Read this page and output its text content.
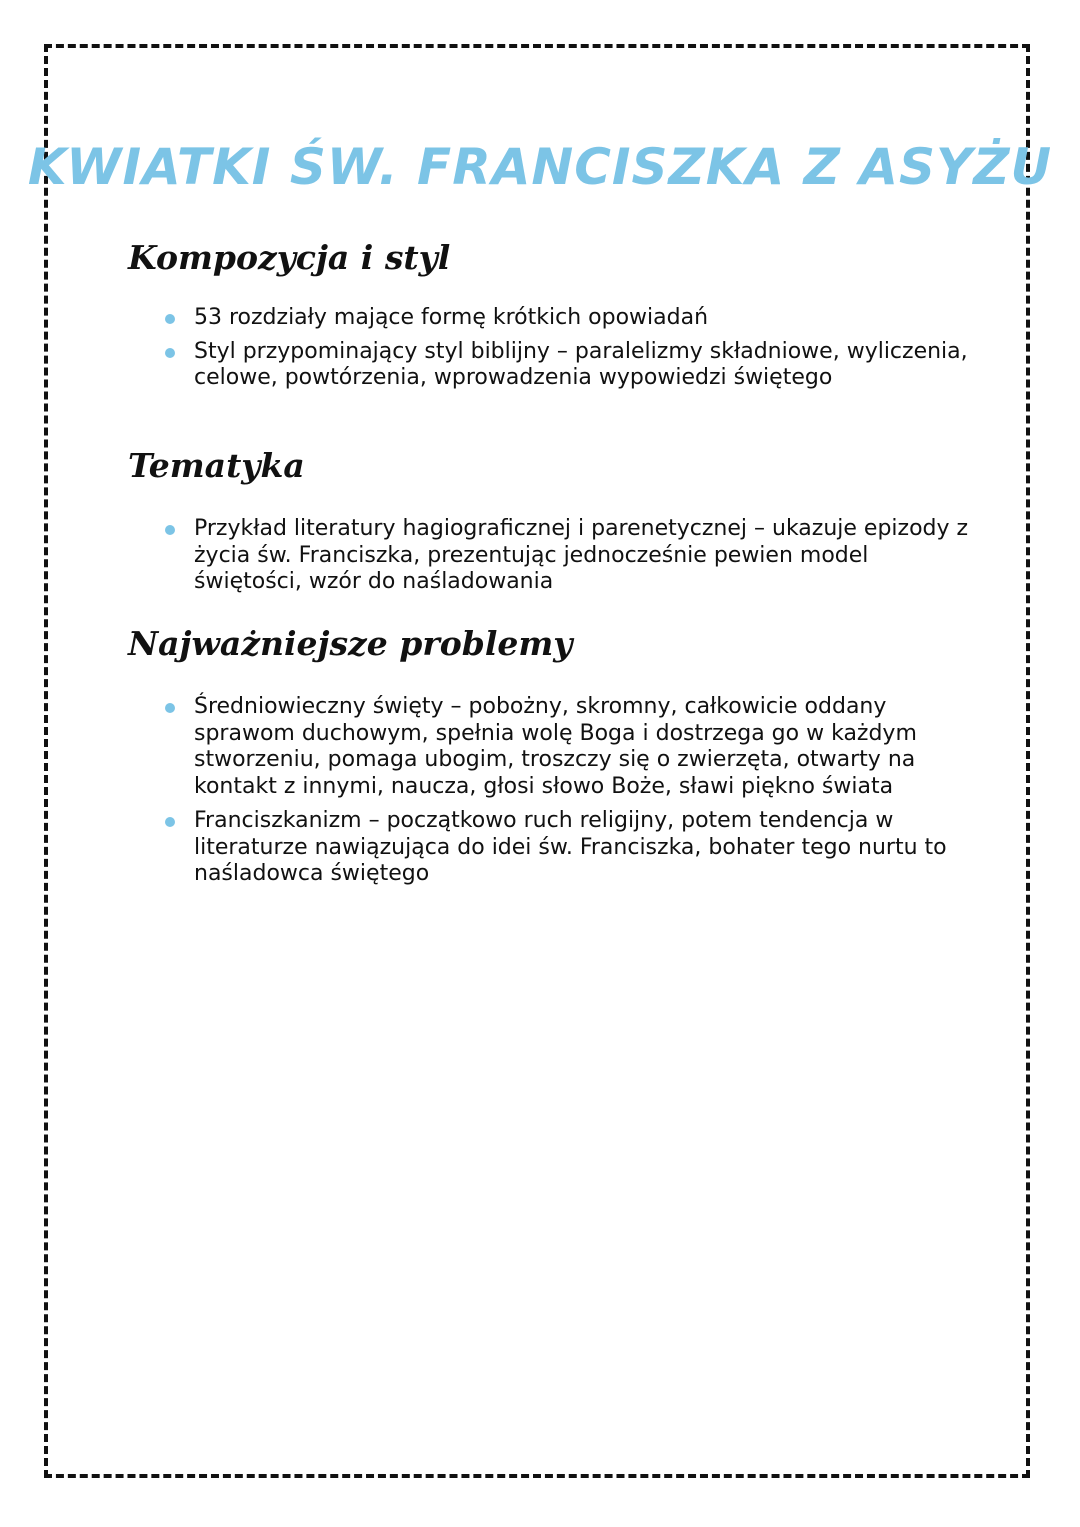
KWIATKI ŚW. FRANCISZKA Z ASYŻU
Kompozycja i styl
53 rozdziały mające formę krótkich opowiadań
Styl przypominający styl biblijny – paralelizmy składniowe, wyliczenia, celowe, powtórzenia, wprowadzenia wypowiedzi świętego
Tematyka
Przykład literatury hagiograficznej i parenetycznej – ukazuje epizody z życia św. Franciszka, prezentując jednocześnie pewien model świętości, wzór do naśladowania
Najważniejsze problemy
Średniowieczny święty – pobożny, skromny, całkowicie oddany sprawom duchowym, spełnia wolę Boga i dostrzega go w każdym stworzeniu, pomaga ubogim, troszczy się o zwierzęta, otwarty na kontakt z innymi, naucza, głosi słowo Boże, sławi piękno świata
Franciszkanizm – początkowo ruch religijny, potem tendencja w literaturze nawiązująca do idei św. Franciszka, bohater tego nurtu to naśladowca świętego
